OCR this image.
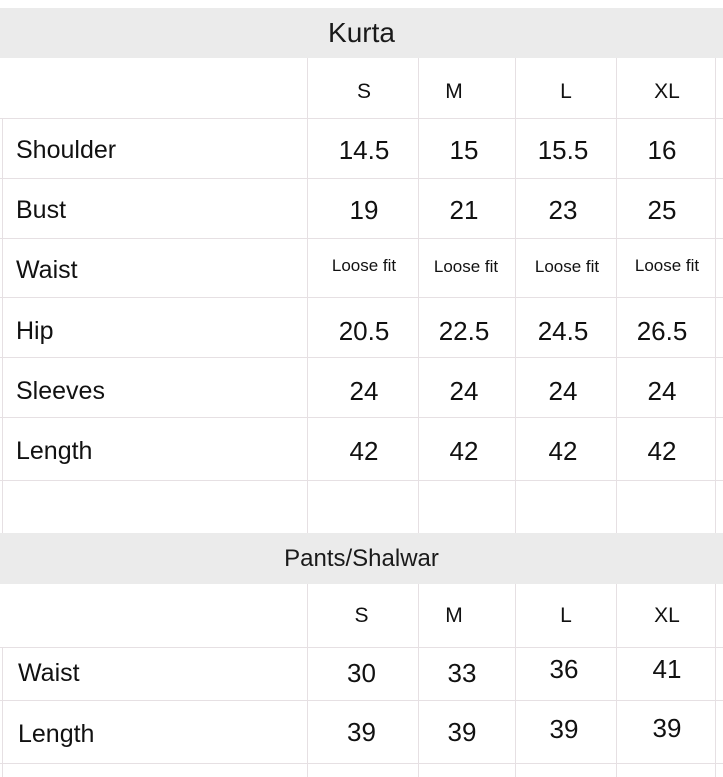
Kurta
S	M	L	XL
Shoulder	14.5	15	15.5	16
Bust	19	21	23	25
Waist	Loose fit	Loose fit	Loose fit	Loose fit
Hip	20.5	22.5	24.5	26.5
Sleeves	24	24	24	24
Length	42	42	42	42
Pants/Shalwar
S	M	L	XL
Waist	30	33	36	41
Length	39	39	39	39
